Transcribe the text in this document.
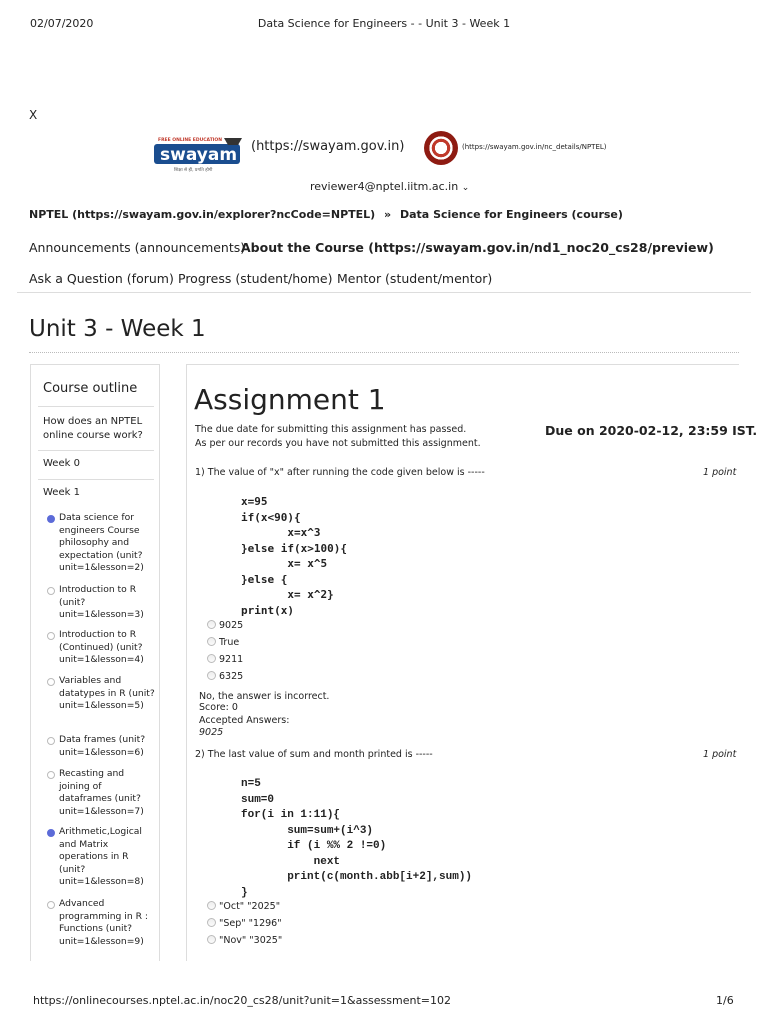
02/07/2020	Data Science for Engineers - - Unit 3 - Week 1
X
FREE ONLINE EDUCATION
swayam
शिक्षा से ही, प्रगति होगी
(https://swayam.gov.in)	(https://swayam.gov.in/nc_details/NPTEL)
reviewer4@nptel.iitm.ac.in ⌄
NPTEL (https://swayam.gov.in/explorer?ncCode=NPTEL) » Data Science for Engineers (course)
Announcements (announcements)
About the Course (https://swayam.gov.in/nd1_noc20_cs28/preview)
Ask a Question (forum) Progress (student/home) Mentor (student/mentor)
Unit 3 - Week 1
Course outline
How does an NPTEL online course work?
Week 0
Week 1
Data science for engineers Course philosophy and expectation (unit?unit=1&lesson=2)
Introduction to R (unit?unit=1&lesson=3)
Introduction to R (Continued) (unit?unit=1&lesson=4)
Variables and datatypes in R (unit?unit=1&lesson=5)
Data frames (unit?unit=1&lesson=6)
Recasting and joining of dataframes (unit?unit=1&lesson=7)
Arithmetic,Logical and Matrix operations in R (unit?unit=1&lesson=8)
Advanced programming in R : Functions (unit?unit=1&lesson=9)
Assignment 1
The due date for submitting this assignment has passed.
As per our records you have not submitted this assignment.
Due on 2020-02-12, 23:59 IST.
1) The value of "x" after running the code given below is -----	1 point
x=95
if(x<90){
x=x^3
}else if(x>100){
x= x^5
}else {
x= x^2}
print(x)
9025
True
9211
6325
No, the answer is incorrect.
Score: 0
Accepted Answers:
9025
2) The last value of sum and month printed is -----	1 point
n=5
sum=0
for(i in 1:11){
sum=sum+(i^3)
if (i %% 2 !=0)
next
print(c(month.abb[i+2],sum))
}
"Oct" "2025"
"Sep" "1296"
"Nov" "3025"
https://onlinecourses.nptel.ac.in/noc20_cs28/unit?unit=1&assessment=102	1/6
